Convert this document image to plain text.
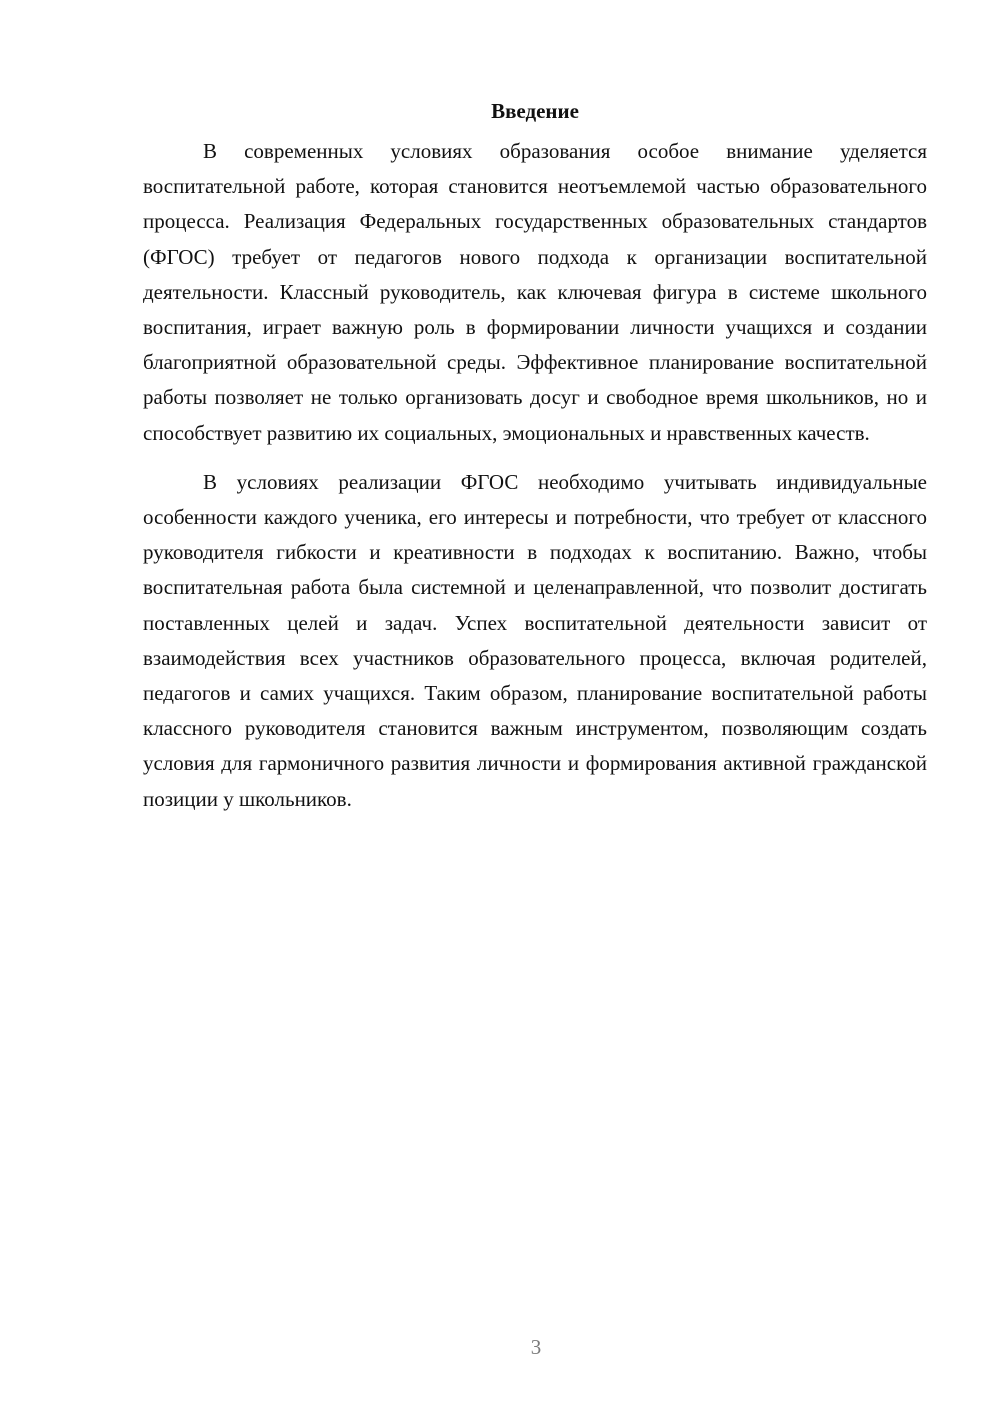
Введение

В современных условиях образования особое внимание уделяется воспитательной работе, которая становится неотъемлемой частью образовательного процесса. Реализация Федеральных государственных образовательных стандартов (ФГОС) требует от педагогов нового подхода к организации воспитательной деятельности. Классный руководитель, как ключевая фигура в системе школьного воспитания, играет важную роль в формировании личности учащихся и создании благоприятной образовательной среды. Эффективное планирование воспитательной работы позволяет не только организовать досуг и свободное время школьников, но и способствует развитию их социальных, эмоциональных и нравственных качеств.

В условиях реализации ФГОС необходимо учитывать индивидуальные особенности каждого ученика, его интересы и потребности, что требует от классного руководителя гибкости и креативности в подходах к воспитанию. Важно, чтобы воспитательная работа была системной и целенаправленной, что позволит достигать поставленных целей и задач. Успех воспитательной деятельности зависит от взаимодействия всех участников образовательного процесса, включая родителей, педагогов и самих учащихся. Таким образом, планирование воспитательной работы классного руководителя становится важным инструментом, позволяющим создать условия для гармоничного развития личности и формирования активной гражданской позиции у школьников.

3
